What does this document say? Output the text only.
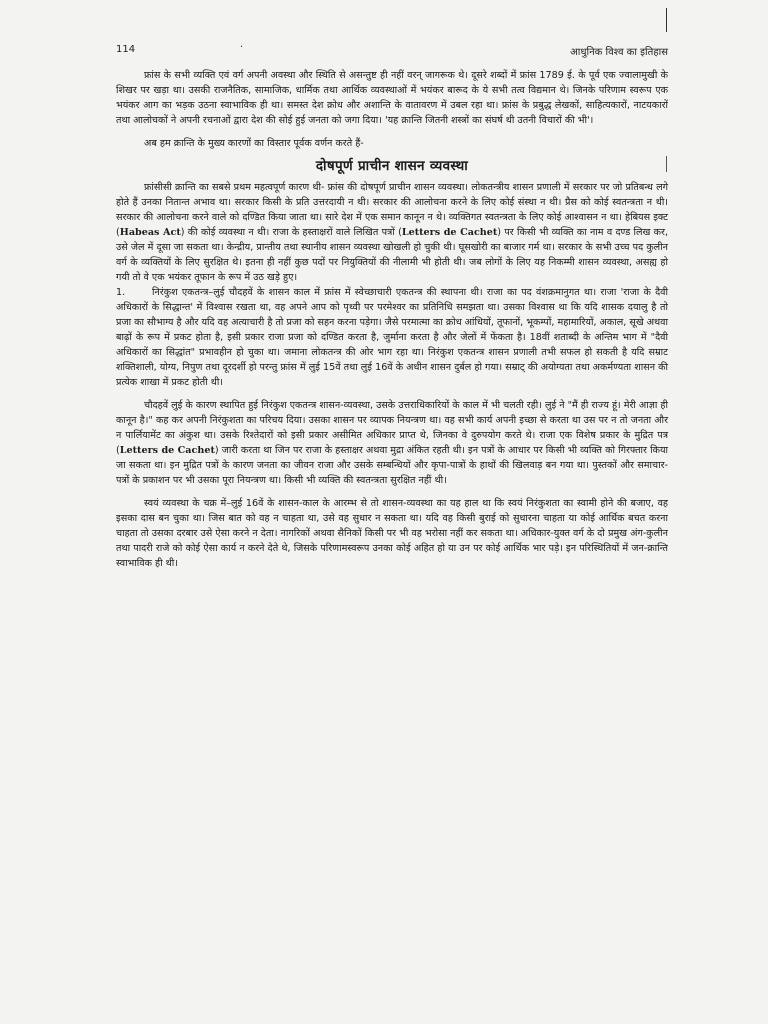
114	·	आधुनिक विश्व का इतिहास

फ्रांस के सभी व्यक्ति एवं वर्ग अपनी अवस्था और स्थिति से असन्तुष्ट ही नहीं वरन् जागरूक थे। दूसरे शब्दों में फ्रांस 1789 ई. के पूर्व एक ज्वालामुखी के शिखर पर खड़ा था। उसकी राजनैतिक, सामाजिक, धार्मिक तथा आर्थिक व्यवस्थाओं में भयंकर बारूद के ये सभी तत्व विद्यमान थे। जिनके परिणाम स्वरूप एक भयंकर आग का भड़क उठना स्वाभाविक ही था। समस्त देश क्रोध और अशान्ति के वातावरण में उबल रहा था। फ्रांस के प्रबुद्ध लेखकों, साहित्यकारों, नाटयकारों तथा आलोचकों ने अपनी रचनाओं द्वारा देश की सोई हुई जनता को जगा दिया। 'यह क्रान्ति जितनी शस्त्रों का संघर्ष थी उतनी विचारों की भी'।

अब हम क्रान्ति के मुख्य कारणों का विस्तार पूर्वक वर्णन करते हैं-

दोषपूर्ण प्राचीन शासन व्यवस्था

फ्रांसीसी क्रान्ति का सबसे प्रथम महत्वपूर्ण कारण थी- फ्रांस की दोषपूर्ण प्राचीन शासन व्यवस्था। लोकतन्त्रीय शासन प्रणाली में सरकार पर जो प्रतिबन्ध लगे होते हैं उनका नितान्त अभाव था। सरकार किसी के प्रति उत्तरदायी न थी। सरकार की आलोचना करने के लिए कोई संस्था न थी। प्रैस को कोई स्वतन्त्रता न थी। सरकार की आलोचना करने वाले को दण्डित किया जाता था। सारे देश में एक समान कानून न थे। व्यक्तिगत स्वतन्त्रता के लिए कोई आश्वासन न था। हेबियस इक्ट (Habeas Act) की कोई व्यवस्था न थी। राजा के हस्ताक्षरों वाले लिखित पत्रों (Letters de Cachet) पर किसी भी व्यक्ति का नाम व दण्ड लिख कर, उसे जेल में दूसा जा सकता था। केन्द्रीय, प्रान्तीय तथा स्थानीय शासन व्यवस्था खोखली हो चुकी थी। घूसखोरी का बाजार गर्म था। सरकार के सभी उच्च पद कुलीन वर्ग के व्यक्तियों के लिए सुरक्षित थे। इतना ही नहीं कुछ पदों पर नियुक्तियों की नीलामी भी होती थी। जब लोगों के लिए यह निकम्मी शासन व्यवस्था, असह्य हो गयी तो वे एक भयंकर तूफान के रूप में उठ खड़े हुए।

1.	निरंकुश एकतन्त्र–लुई चौदहवें के शासन काल में फ्रांस में स्वेच्छाचारी एकतन्त्र की स्थापना थी। राजा का पद वंशक्रमानुगत था। राजा 'राजा के दैवी अधिकारों के सिद्धान्त' में विश्वास रखता था, वह अपने आप को पृथ्वी पर परमेश्वर का प्रतिनिधि समझता था। उसका विश्वास था कि यदि शासक दयालु है तो प्रजा का सौभाग्य है और यदि वह अत्याचारी है तो प्रजा को सहन करना पड़ेगा। जैसे परमात्मा का क्रोध आंधियों, तूफानों, भूकम्पों, महामारियों, अकाल, सूखे अथवा बाढ़ों के रूप में प्रकट होता है, इसी प्रकार राजा प्रजा को दण्डित करता है, जुर्माना करता है और जेलों में फेंकता है। 18वीं शताब्दी के अन्तिम भाग में "दैवी अधिकारों का सिद्धांत" प्रभावहीन हो चुका था। जमाना लोकतन्त्र की ओर भाग रहा था। निरंकुश एकतन्त्र शासन प्रणाली तभी सफल हो सकती है यदि सम्राट शक्तिशाली, योग्य, निपुण तथा दूरदर्शी हो परन्तु फ्रांस में लुई 15वें तथा लुई 16वें के अधीन शासन दुर्बल हो गया। सम्राट् की अयोग्यता तथा अकर्मण्यता शासन की प्रत्येक शाखा में प्रकट होती थी।

चौदहवें लुई के कारण स्थापित हुई निरंकुश एकतन्त्र शासन-व्यवस्था, उसके उत्तराधिकारियों के काल में भी चलती रही। लुई ने "मैं ही राज्य हूं। मेरी आज्ञा ही कानून है।" कह कर अपनी निरंकुशता का परिचय दिया। उसका शासन पर व्यापक नियन्त्रण था। वह सभी कार्य अपनी इच्छा से करता था उस पर न तो जनता और न पार्लियामेंट का अंकुश था। उसके रिश्तेदारों को इसी प्रकार असीमित अधिकार प्राप्त थे, जिनका वे दुरुपयोग करते थे। राजा एक विशेष प्रकार के मुद्रित पत्र (Letters de Cachet) जारी करता था जिन पर राजा के हस्ताक्षर अथवा मुद्रा अंकित रहती थी। इन पत्रों के आधार पर किसी भी व्यक्ति को गिरफ्तार किया जा सकता था। इन मुद्रित पत्रों के कारण जनता का जीवन राजा और उसके सम्बन्धियों और कृपा-पात्रों के हाथों की खिलवाड़ बन गया था। पुस्तकों और समाचार-पत्रों के प्रकाशन पर भी उसका पूरा नियन्त्रण था। किसी भी व्यक्ति की स्वतन्त्रता सुरक्षित नहीं थी।

स्वयं व्यवस्था के चक्र में–लुई 16वें के शासन-काल के आरम्भ से तो शासन-व्यवस्था का यह हाल था कि स्वयं निरंकुशता का स्वामी होने की बजाए, वह इसका दास बन चुका था। जिस बात को वह न चाहता था, उसे वह सुधार न सकता था। यदि वह किसी बुराई को सुधारना चाहता या कोई आर्थिक बचत करना चाहता तो उसका दरबार उसे ऐसा करने न देता। नागरिकों अथवा सैनिकों किसी पर भी वह भरोसा नहीं कर सकता था। अधिकार-युक्त वर्ग के दो प्रमुख अंग-कुलीन तथा पादरी राजे को कोई ऐसा कार्य न करने देते थे, जिसके परिणामस्वरूप उनका कोई अहित हो या उन पर कोई आर्थिक भार पड़े। इन परिस्थितियों में जन-क्रान्ति स्वाभाविक ही थी।
